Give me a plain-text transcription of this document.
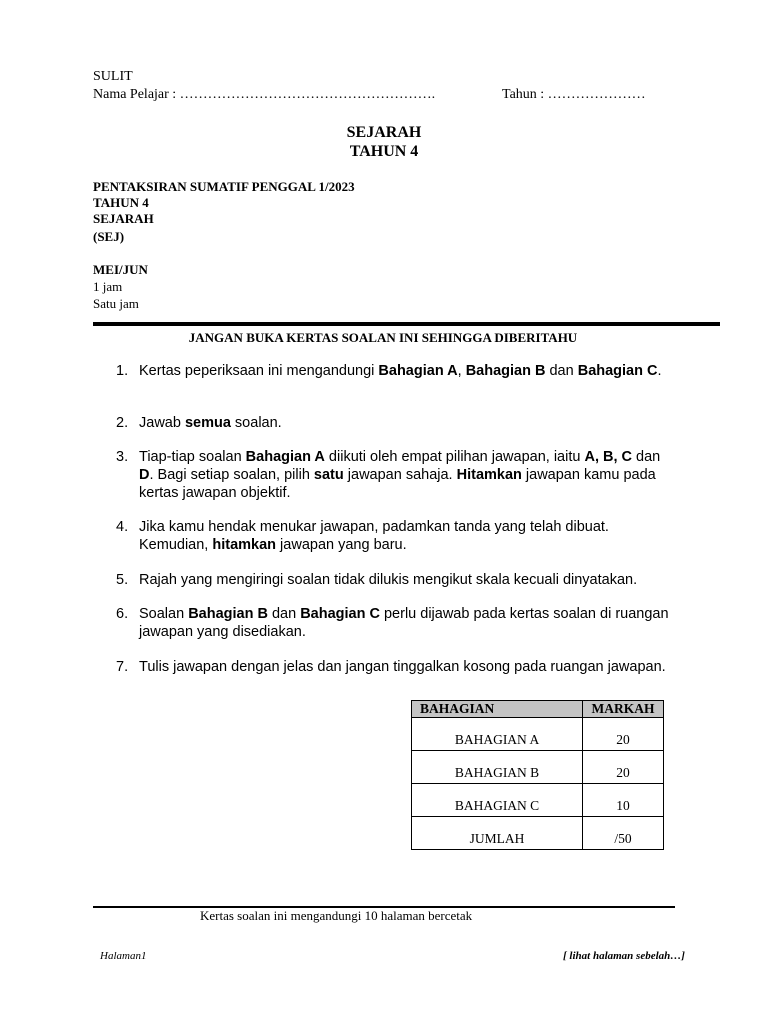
SULIT
Nama Pelajar : ……………………………………………….	Tahun : …………………
SEJARAH
TAHUN 4
PENTAKSIRAN SUMATIF PENGGAL 1/2023
TAHUN 4
SEJARAH
(SEJ)
MEI/JUN
1 jam
Satu jam
JANGAN BUKA KERTAS SOALAN INI SEHINGGA DIBERITAHU
1. Kertas peperiksaan ini mengandungi Bahagian A, Bahagian B dan Bahagian C.
2. Jawab semua soalan.
3. Tiap-tiap soalan Bahagian A diikuti oleh empat pilihan jawapan, iaitu A, B, C dan D. Bagi setiap soalan, pilih satu jawapan sahaja. Hitamkan jawapan kamu pada kertas jawapan objektif.
4. Jika kamu hendak menukar jawapan, padamkan tanda yang telah dibuat. Kemudian, hitamkan jawapan yang baru.
5. Rajah yang mengiringi soalan tidak dilukis mengikut skala kecuali dinyatakan.
6. Soalan Bahagian B dan Bahagian C perlu dijawab pada kertas soalan di ruangan jawapan yang disediakan.
7. Tulis jawapan dengan jelas dan jangan tinggalkan kosong pada ruangan jawapan.
BAHAGIAN	MARKAH
BAHAGIAN A	20
BAHAGIAN B	20
BAHAGIAN C	10
JUMLAH	/50
Kertas soalan ini mengandungi 10 halaman bercetak
Halaman1	[ lihat halaman sebelah…]
